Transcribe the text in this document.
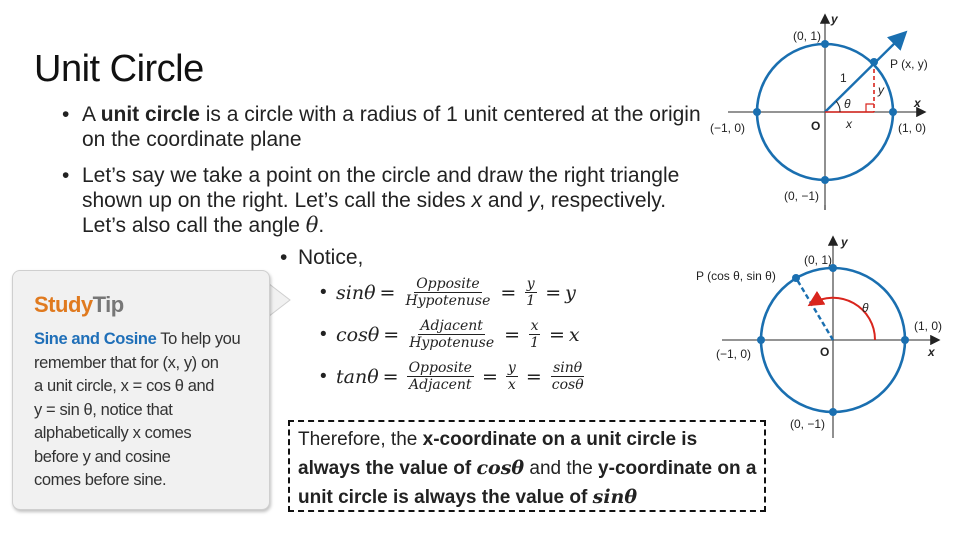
Unit Circle
• A unit circle is a circle with a radius of 1 unit centered at the origin on the coordinate plane
• Let’s say we take a point on the circle and draw the right triangle shown up on the right. Let’s call the sides x and y, respectively. Let’s also call the angle θ.
• Notice,
• $\sin\theta = \frac{\text{Opposite}}{\text{Hypotenuse}} = \frac{y}{1} = y$
• $\cos\theta = \frac{\text{Adjacent}}{\text{Hypotenuse}} = \frac{x}{1} = x$
• $\tan\theta = \frac{\text{Opposite}}{\text{Adjacent}} = \frac{y}{x} = \frac{\sin\theta}{\cos\theta}$
StudyTip
Sine and Cosine To help you
remember that for (x, y) on
a unit circle, x = cos θ and
y = sin θ, notice that
alphabetically x comes
before y and cosine
comes before sine.
Therefore, the x-coordinate on a unit circle is always the value of cosθ and the y-coordinate on a unit circle is always the value of sinθ
(0, 1)
(0, −1)
(−1, 0)	(1, 0)
O
x
y
P (x, y)
1
x
y
θ
(0, 1)
(0, −1)
(−1, 0)
(1, 0)
O	x
y
P (cos θ, sin θ)
θ
